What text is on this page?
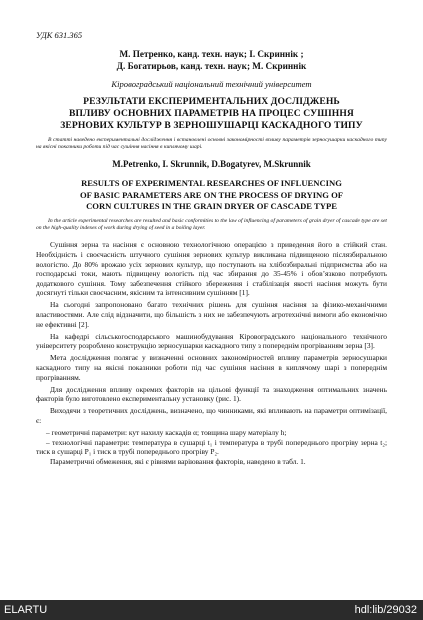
УДК 631.365
М. Петренко, канд. техн. наук; І. Скриннік ;
Д. Богатирьов, канд. техн. наук; М. Скриннік
Кіровоградський національний технічний університет
РЕЗУЛЬТАТИ ЕКСПЕРИМЕНТАЛЬНИХ ДОСЛІДЖЕНЬ
ВПЛИВУ ОСНОВНИХ ПАРАМЕТРІВ НА ПРОЦЕС СУШІННЯ
ЗЕРНОВИХ КУЛЬТУР В ЗЕРНОШУШАРЦІ КАСКАДНОГО ТИПУ
В статті наведено експериментальні дослідження і встановлені основні закономірності впливу параметрів зерносушарки каскадного типу на якісні показники роботи під час сушіння насіння в киплячому шарі.
M.Petrenko, I. Skrunnik, D.Bogatyrev, M.Skrunnik
RESULTS OF EXPERIMENTAL RESEARCHES OF INFLUENCING
OF BASIC PARAMETERS ARE ON THE PROCESS OF DRYING OF
CORN CULTURES IN THE GRAIN DRYER OF CASCADE TYPE
In the article experimental researches are resulted and basic conformities to the law of influencing of parameters of grain dryer of cascade type are set on the high-quality indexes of work during drying of seed in a boiling layer.

Сушіння зерна та насіння є основною технологічною операцією з приведення його в стійкий стан. Необхідність і своєчасність штучного сушіння зернових культур викликана підвищеною післязбиральною вологістю. До 80% врожаю усіх зернових культур, що поступають на хлібозбиральні підприємства або на господарські токи, мають підвищену вологість під час збирання до 35-45% і обов’язково потребують додаткового сушіння. Тому забезпечення стійкого збереження і стабілізація якості насіння можуть бути досягнуті тільки своєчасним, якісним та інтенсивним сушінням [1].

На сьогодні запропоновано багато технічних рішень для сушіння насіння за фізико-механічними властивостями. Але слід відзначити, що більшість з них не забезпечують агротехнічні вимоги або економічно не ефективні [2].

На кафедрі сільськогосподарського машинобудування Кіровоградського національного технічного університету розроблено конструкцію зерносушарки каскадного типу з попереднім прогріванням зерна [3].

Мета дослідження полягає у визначенні основних закономірностей впливу параметрів зерносушарки каскадного типу на якісні показники роботи під час сушіння насіння в киплячому шарі з попереднім прогріванням.

Для дослідження впливу окремих факторів на цільові функції та знаходження оптимальних значень факторів було виготовлено експериментальну установку (рис. 1).

Виходячи з теоретичних досліджень, визначено, що чинниками, які впливають на параметри оптимізації, є:

– геометричні параметри: кут нахилу каскадів α; товщина шару матеріалу h;

– технологічні параметри: температура в сушарці t₁ і температура в трубі попереднього прогріву зерна t₂; тиск в сушарці P₁ і тиск в трубі попереднього прогріву P₂.

Параметричні обмеження, які є рівнями варіювання факторів, наведено в табл. 1.

ELARTU	hdl:lib/29032
